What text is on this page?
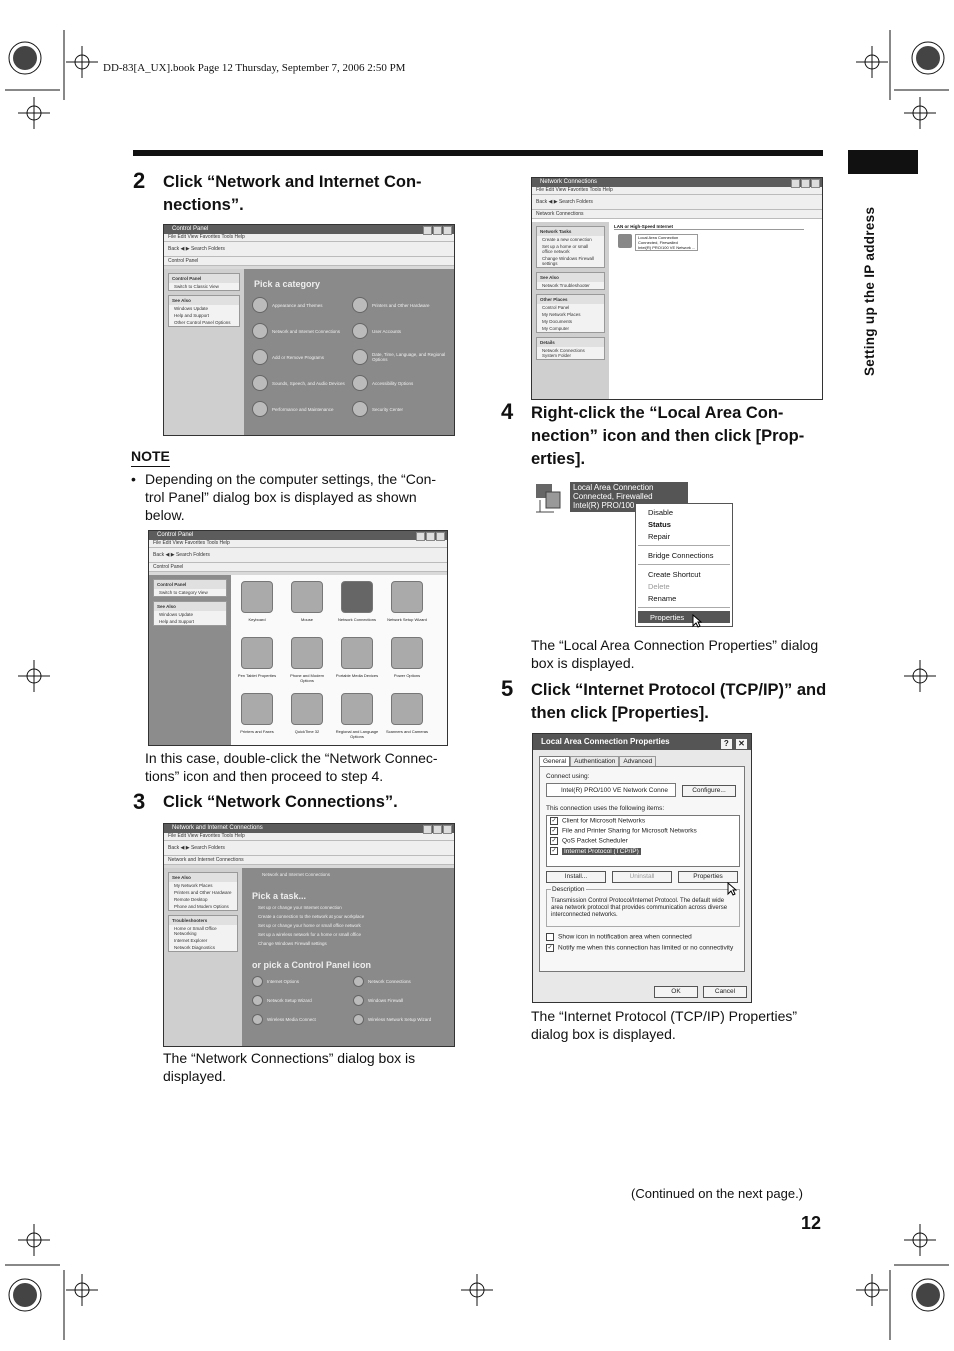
DD-83[A_UX].book Page 12 Thursday, September 7, 2006 2:50 PM
Setting up the IP address
2 Click “Network and Internet Con-nections”.
Control Panel
File Edit View Favorites Tools Help
Back ◀ ▶ Search Folders
Control Panel
Control Panel
Switch to Classic View
See Also
Windows Update
Help and Support
Other Control Panel Options
Pick a category
Appearance and Themes	Printers and Other Hardware
Network and Internet Connections	User Accounts
Add or Remove Programs	Date, Time, Language, and Regional Options
Sounds, Speech, and Audio Devices	Accessibility Options
Performance and Maintenance	Security Center
NOTE
• Depending on the computer settings, the “Con-trol Panel” dialog box is displayed as shown below.
Control Panel
File Edit View Favorites Tools Help
Back ◀ ▶ Search Folders
Control Panel
Control Panel
Switch to Category View
See Also
Windows Update
Help and Support	Keyboard	Mouse	Network Connections	Network Setup Wizard
Pen Tablet Properties	Phone and Modem Options
Portable Media Devices	Power Options
Printers and Faxes	QuickTime 32	Regional and Language Options
Scanners and Cameras
In this case, double-click the “Network Connec-tions” icon and then proceed to step 4.
3 Click “Network Connections”.
Network and Internet Connections
File Edit View Favorites Tools Help
Back ◀ ▶ Search Folders
Network and Internet Connections
See Also
My Network Places
Printers and Other Hardware
Remote Desktop
Phone and Modem Options
Troubleshooters
Home or Small Office Networking
Internet Explorer
Network Diagnostics
Network and Internet Connections
Pick a task...
Set up or change your Internet connection
Create a connection to the network at your workplace
Set up or change your home or small office network
Set up a wireless network for a home or small office
Change Windows Firewall settings
or pick a Control Panel icon
Internet Options	Network Connections
Network Setup Wizard	Windows Firewall
Wireless Media Connect	Wireless Network Setup Wizard
The “Network Connections” dialog box is displayed.
Network Connections
File Edit View Favorites Tools Help
Back ◀ ▶ Search Folders
Network Connections
Network Tasks
Create a new connection
Set up a home or small office network
Change Windows Firewall settings
See Also
Network Troubleshooter
Other Places
Control Panel
My Network Places
My Documents
My Computer
Details
Network Connections System Folder
LAN or High-Speed Internet
Local Area Connection
Connected, Firewalled
Intel(R) PRO/100 VE Network ...
4 Right-click the “Local Area Con-nection” icon and then click [Prop-erties].
Local Area Connection
Connected, Firewalled
Intel(R) PRO/100
Disable
Status
Repair
Bridge Connections
Create Shortcut
Delete
Rename
Properties
The “Local Area Connection Properties” dialog box is displayed.
5 Click “Internet Protocol (TCP/IP)” and then click [Properties].
Local Area Connection Properties	? ✕
General	Authentication	Advanced
Connect using:
Intel(R) PRO/100 VE Network Conne	Configure...
This connection uses the following items:
✓ Client for Microsoft Networks
✓ File and Printer Sharing for Microsoft Networks
✓ QoS Packet Scheduler
✓ Internet Protocol (TCP/IP)
Install...	Uninstall	Properties
Description
Transmission Control Protocol/Internet Protocol. The default wide area network protocol that provides communication across diverse interconnected networks.
Show icon in notification area when connected
✓ Notify me when this connection has limited or no connectivity
OK	Cancel
The “Internet Protocol (TCP/IP) Properties” dialog box is displayed.
(Continued on the next page.)
12
